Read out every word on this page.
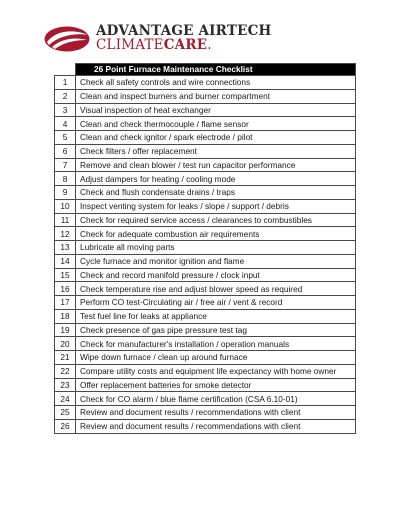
ADVANTAGE AIRTECH
CLIMATECARE.
	26 Point Furnace Maintenance Checklist
1	Check all safety controls and wire connections
2	Clean and inspect burners and burner compartment
3	Visual inspection of heat exchanger
4	Clean and check thermocouple / flame sensor
5	Clean and check ignitor / spark electrode / pilot
6	Check filters / offer replacement
7	Remove and clean blower / test run capacitor performance
8	Adjust dampers for heating / cooling mode
9	Check and flush condensate drains / traps
10	Inspect venting system for leaks / slope / support / debris
11	Check for required service access / clearances to combustibles
12	Check for adequate combustion air requirements
13	Lubricate all moving parts
14	Cycle furnace and monitor ignition and flame
15	Check and record manifold pressure / clock input
16	Check temperature rise and adjust blower speed as required
17	Perform CO test-Circulating air / free air / vent & record
18	Test fuel line for leaks at appliance
19	Check presence of gas pipe pressure test tag
20	Check for manufacturer's installation / operation manuals
21	Wipe down furnace / clean up around furnace
22	Compare utility costs and equipment life expectancy with home owner
23	Offer replacement batteries for smoke detector
24	Check for CO alarm / blue flame certification (CSA 6.10-01)
25	Review and document results / recommendations with client
26	Review and document results / recommendations with client
